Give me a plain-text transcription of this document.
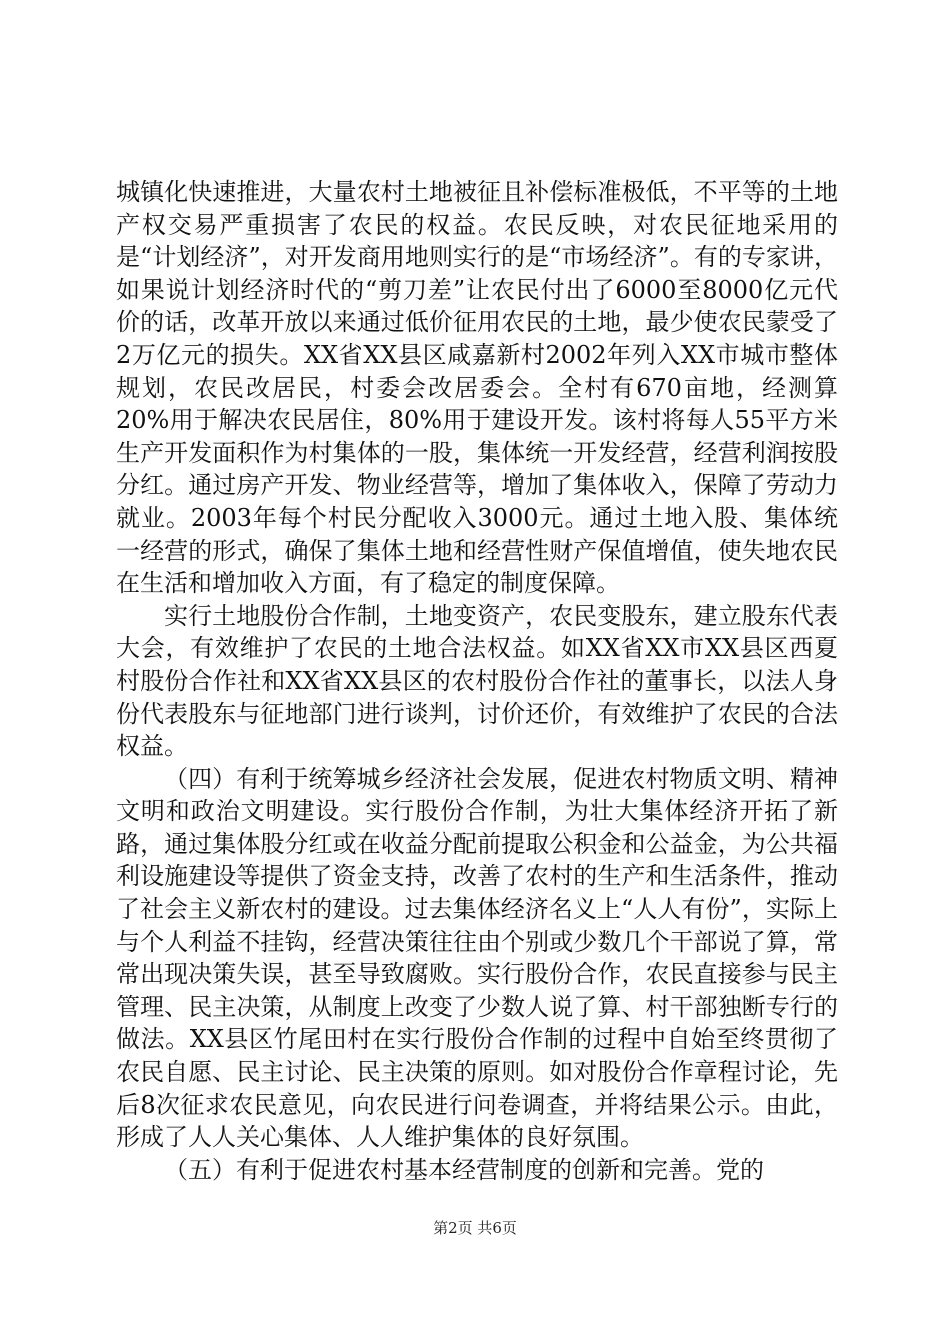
城镇化快速推进，大量农村土地被征且补偿标准极低，不平等的土地产权交易严重损害了农民的权益。农民反映，对农民征地采用的是“计划经济”，对开发商用地则实行的是“市场经济”。有的专家讲，如果说计划经济时代的“剪刀差”让农民付出了6000至8000亿元代价的话，改革开放以来通过低价征用农民的土地，最少使农民蒙受了2万亿元的损失。XX省XX县区咸嘉新村2002年列入XX市城市整体规划，农民改居民，村委会改居委会。全村有670亩地，经测算20%用于解决农民居住，80%用于建设开发。该村将每人55平方米生产开发面积作为村集体的一股，集体统一开发经营，经营利润按股分红。通过房产开发、物业经营等，增加了集体收入，保障了劳动力就业。2003年每个村民分配收入3000元。通过土地入股、集体统一经营的形式，确保了集体土地和经营性财产保值增值，使失地农民在生活和增加收入方面，有了稳定的制度保障。

实行土地股份合作制，土地变资产，农民变股东，建立股东代表大会，有效维护了农民的土地合法权益。如XX省XX市XX县区西夏村股份合作社和XX省XX县区的农村股份合作社的董事长，以法人身份代表股东与征地部门进行谈判，讨价还价，有效维护了农民的合法权益。

（四）有利于统筹城乡经济社会发展，促进农村物质文明、精神文明和政治文明建设。实行股份合作制，为壮大集体经济开拓了新路，通过集体股分红或在收益分配前提取公积金和公益金，为公共福利设施建设等提供了资金支持，改善了农村的生产和生活条件，推动了社会主义新农村的建设。过去集体经济名义上“人人有份”，实际上与个人利益不挂钩，经营决策往往由个别或少数几个干部说了算，常常出现决策失误，甚至导致腐败。实行股份合作，农民直接参与民主管理、民主决策，从制度上改变了少数人说了算、村干部独断专行的做法。XX县区竹尾田村在实行股份合作制的过程中自始至终贯彻了农民自愿、民主讨论、民主决策的原则。如对股份合作章程讨论，先后8次征求农民意见，向农民进行问卷调查，并将结果公示。由此，形成了人人关心集体、人人维护集体的良好氛围。

（五）有利于促进农村基本经营制度的创新和完善。党的

第2页 共6页
